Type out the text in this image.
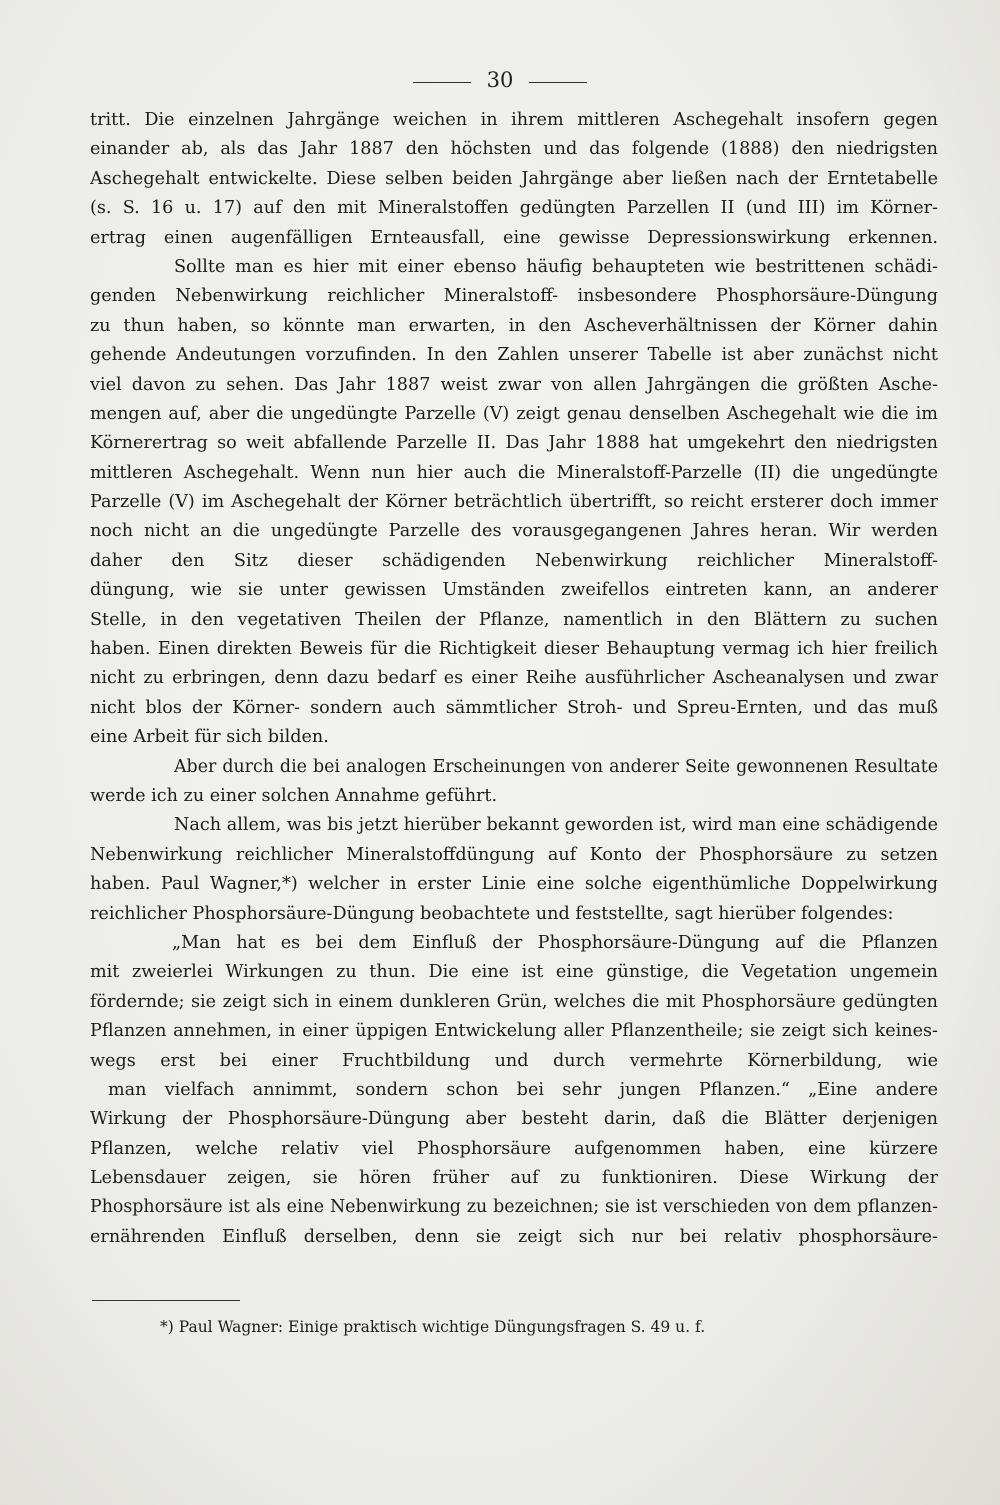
30
tritt. Die einzelnen Jahrgänge weichen in ihrem mittleren Aschegehalt insofern gegen
einander ab, als das Jahr 1887 den höchsten und das folgende (1888) den niedrigsten
Aschegehalt entwickelte. Diese selben beiden Jahrgänge aber ließen nach der Erntetabelle
(s. S. 16 u. 17) auf den mit Mineralstoffen gedüngten Parzellen II (und III) im Körner-
ertrag einen augenfälligen Ernteausfall, eine gewisse Depressionswirkung erkennen.
Sollte man es hier mit einer ebenso häufig behaupteten wie bestrittenen schädi-
genden Nebenwirkung reichlicher Mineralstoff- insbesondere Phosphorsäure-Düngung
zu thun haben, so könnte man erwarten, in den Ascheverhältnissen der Körner dahin
gehende Andeutungen vorzufinden. In den Zahlen unserer Tabelle ist aber zunächst nicht
viel davon zu sehen. Das Jahr 1887 weist zwar von allen Jahrgängen die größten Asche-
mengen auf, aber die ungedüngte Parzelle (V) zeigt genau denselben Aschegehalt wie die im
Körnerertrag so weit abfallende Parzelle II. Das Jahr 1888 hat umgekehrt den niedrigsten
mittleren Aschegehalt. Wenn nun hier auch die Mineralstoff-Parzelle (II) die ungedüngte
Parzelle (V) im Aschegehalt der Körner beträchtlich übertrifft, so reicht ersterer doch immer
noch nicht an die ungedüngte Parzelle des vorausgegangenen Jahres heran. Wir werden
daher den Sitz dieser schädigenden Nebenwirkung reichlicher Mineralstoff-
düngung, wie sie unter gewissen Umständen zweifellos eintreten kann, an anderer
Stelle, in den vegetativen Theilen der Pflanze, namentlich in den Blättern zu suchen
haben. Einen direkten Beweis für die Richtigkeit dieser Behauptung vermag ich hier freilich
nicht zu erbringen, denn dazu bedarf es einer Reihe ausführlicher Ascheanalysen und zwar
nicht blos der Körner- sondern auch sämmtlicher Stroh- und Spreu-Ernten, und das muß
eine Arbeit für sich bilden.
Aber durch die bei analogen Erscheinungen von anderer Seite gewonnenen Resultate
werde ich zu einer solchen Annahme geführt.
Nach allem, was bis jetzt hierüber bekannt geworden ist, wird man eine schädigende
Nebenwirkung reichlicher Mineralstoffdüngung auf Konto der Phosphorsäure zu setzen
haben. Paul Wagner,*) welcher in erster Linie eine solche eigenthümliche Doppelwirkung
reichlicher Phosphorsäure-Düngung beobachtete und feststellte, sagt hierüber folgendes:
„Man hat es bei dem Einfluß der Phosphorsäure-Düngung auf die Pflanzen
mit zweierlei Wirkungen zu thun. Die eine ist eine günstige, die Vegetation ungemein
fördernde; sie zeigt sich in einem dunkleren Grün, welches die mit Phosphorsäure gedüngten
Pflanzen annehmen, in einer üppigen Entwickelung aller Pflanzentheile; sie zeigt sich keines-
wegs erst bei einer Fruchtbildung und durch vermehrte Körnerbildung, wie
man vielfach annimmt, sondern schon bei sehr jungen Pflanzen.“ „Eine andere
Wirkung der Phosphorsäure-Düngung aber besteht darin, daß die Blätter derjenigen
Pflanzen, welche relativ viel Phosphorsäure aufgenommen haben, eine kürzere
Lebensdauer zeigen, sie hören früher auf zu funktioniren. Diese Wirkung der
Phosphorsäure ist als eine Nebenwirkung zu bezeichnen; sie ist verschieden von dem pflanzen-
ernährenden Einfluß derselben, denn sie zeigt sich nur bei relativ phosphorsäure-
*) Paul Wagner: Einige praktisch wichtige Düngungsfragen S. 49 u. f.
